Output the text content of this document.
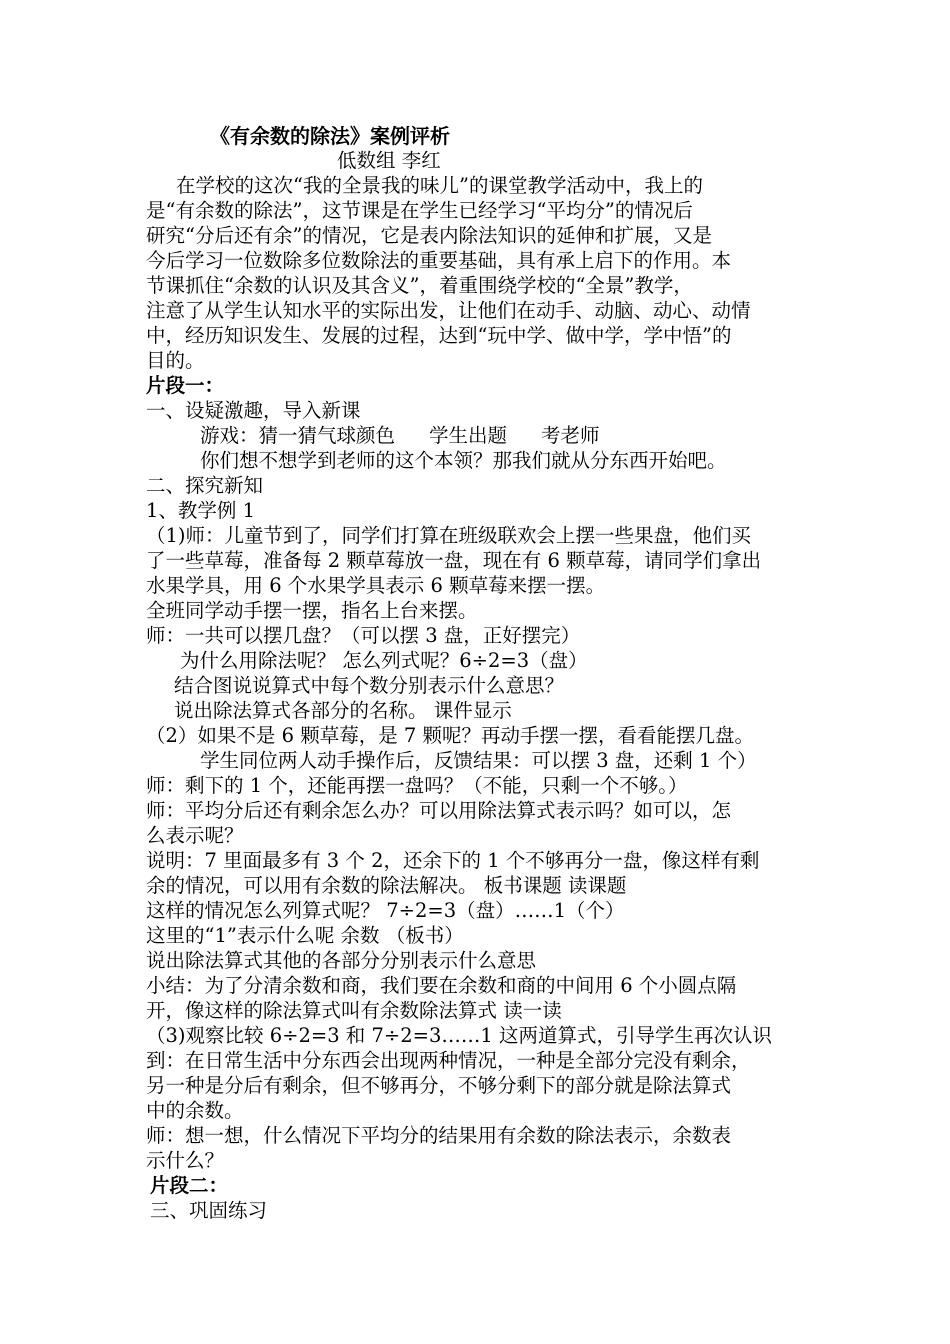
《有余数的除法》案例评析
低数组 李红
在学校的这次“我的全景我的味儿”的课堂教学活动中，我上的
是“有余数的除法”，这节课是在学生已经学习“平均分”的情况后
研究“分后还有余”的情况，它是表内除法知识的延伸和扩展，又是
今后学习一位数除多位数除法的重要基础，具有承上启下的作用。本
节课抓住“余数的认识及其含义”，着重围绕学校的“全景”教学，
注意了从学生认知水平的实际出发，让他们在动手、动脑、动心、动情
中，经历知识发生、发展的过程，达到“玩中学、做中学，学中悟”的
目的。
片段一：
一、设疑激趣，导入新课
游戏：猜一猜气球颜色 学生出题 考老师
你们想不想学到老师的这个本领？那我们就从分东西开始吧。
二、探究新知
1、教学例 1
（1)师：儿童节到了，同学们打算在班级联欢会上摆一些果盘，他们买
了一些草莓，准备每 2 颗草莓放一盘，现在有 6 颗草莓，请同学们拿出
水果学具，用 6 个水果学具表示 6 颗草莓来摆一摆。
全班同学动手摆一摆，指名上台来摆。
师：一共可以摆几盘？（可以摆 3 盘，正好摆完）
为什么用除法呢？ 怎么列式呢？6÷2=3（盘）
结合图说说算式中每个数分别表示什么意思？
说出除法算式各部分的名称。 课件显示
（2）如果不是 6 颗草莓，是 7 颗呢？再动手摆一摆，看看能摆几盘。
学生同位两人动手操作后，反馈结果：可以摆 3 盘，还剩 1 个）
师：剩下的 1 个，还能再摆一盘吗？（不能，只剩一个不够。）
师：平均分后还有剩余怎么办？可以用除法算式表示吗？如可以，怎
么表示呢？
说明：7 里面最多有 3 个 2，还余下的 1 个不够再分一盘，像这样有剩
余的情况，可以用有余数的除法解决。 板书课题 读课题
这样的情况怎么列算式呢？ 7÷2=3（盘）……1（个）
这里的“1”表示什么呢 余数 （板书）
说出除法算式其他的各部分分别表示什么意思
小结：为了分清余数和商，我们要在余数和商的中间用 6 个小圆点隔
开，像这样的除法算式叫有余数除法算式 读一读
（3)观察比较 6÷2=3 和 7÷2=3……1 这两道算式，引导学生再次认识
到：在日常生活中分东西会出现两种情况，一种是全部分完没有剩余，
另一种是分后有剩余，但不够再分，不够分剩下的部分就是除法算式
中的余数。
师：想一想，什么情况下平均分的结果用有余数的除法表示，余数表
示什么？
片段二：
三、巩固练习
